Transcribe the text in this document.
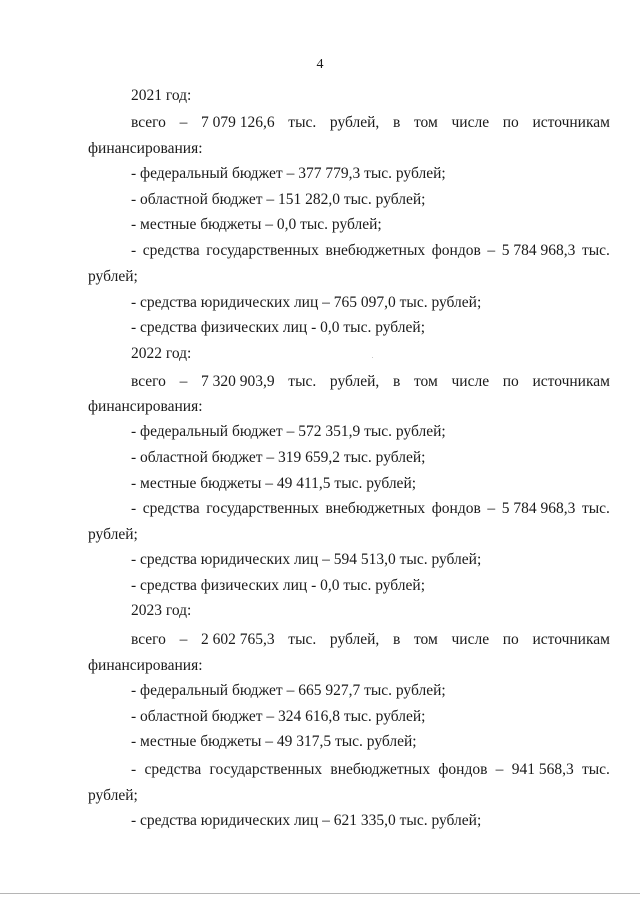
4
2021 год:
всего – 7 079 126,6 тыс. рублей, в том числе по источникам
финансирования:
- федеральный бюджет – 377 779,3 тыс. рублей;
- областной бюджет – 151 282,0 тыс. рублей;
- местные бюджеты – 0,0 тыс. рублей;
- средства государственных внебюджетных фондов – 5 784 968,3 тыс.
рублей;
- средства юридических лиц – 765 097,0 тыс. рублей;
- средства физических лиц - 0,0 тыс. рублей;
2022 год:
всего – 7 320 903,9 тыс. рублей, в том числе по источникам
финансирования:
- федеральный бюджет – 572 351,9 тыс. рублей;
- областной бюджет – 319 659,2 тыс. рублей;
- местные бюджеты – 49 411,5 тыс. рублей;
- средства государственных внебюджетных фондов – 5 784 968,3 тыс.
рублей;
- средства юридических лиц – 594 513,0 тыс. рублей;
- средства физических лиц - 0,0 тыс. рублей;
2023 год:
всего – 2 602 765,3 тыс. рублей, в том числе по источникам
финансирования:
- федеральный бюджет – 665 927,7 тыс. рублей;
- областной бюджет – 324 616,8 тыс. рублей;
- местные бюджеты – 49 317,5 тыс. рублей;
- средства государственных внебюджетных фондов – 941 568,3 тыс.
рублей;
- средства юридических лиц – 621 335,0 тыс. рублей;
